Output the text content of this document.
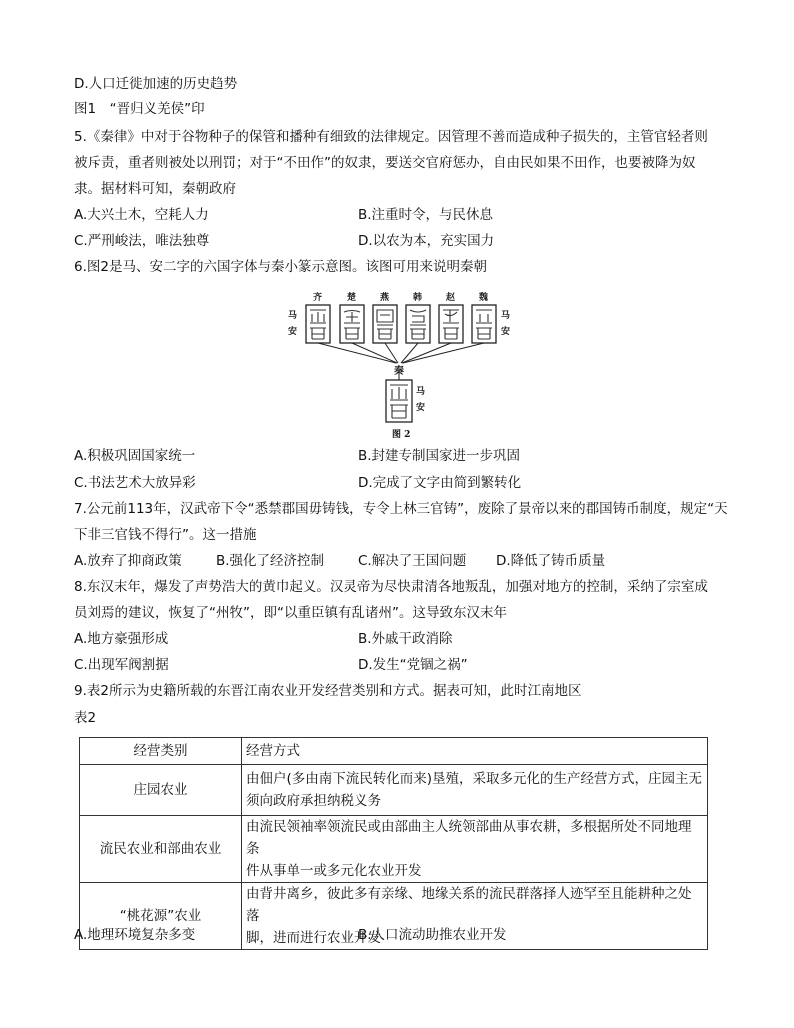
D.人口迁徙加速的历史趋势
图1　“晋归义羌侯”印
5.《秦律》中对于谷物种子的保管和播种有细致的法律规定。因管理不善而造成种子损失的，主管官轻者则
被斥责，重者则被处以刑罚；对于“不田作”的奴隶，要送交官府惩办，自由民如果不田作，也要被降为奴
隶。据材料可知，秦朝政府
A.大兴土木，空耗人力	B.注重时令，与民休息
C.严刑峻法，唯法独尊	D.以农为本，充实国力
6.图2是马、安二字的六国字体与秦小篆示意图。该图可用来说明秦朝
齐	楚	燕	韩	赵	魏
马
安
马
安
秦
马
安
图 2
A.积极巩固国家统一	B.封建专制国家进一步巩固
C.书法艺术大放异彩	D.完成了文字由简到繁转化
7.公元前113年，汉武帝下令“悉禁郡国毋铸钱，专令上林三官铸”，废除了景帝以来的郡国铸币制度，规定“天
下非三官钱不得行”。这一措施
A.放弃了抑商政策	B.强化了经济控制	C.解决了王国问题 D.降低了铸币质量
8.东汉末年，爆发了声势浩大的黄巾起义。汉灵帝为尽快肃清各地叛乱，加强对地方的控制，采纳了宗室成
员刘焉的建议，恢复了“州牧”，即“以重臣镇有乱诸州”。这导致东汉末年
A.地方豪强形成	B.外戚干政消除
C.出现军阀割据	D.发生“党锢之祸”
9.表2所示为史籍所载的东晋江南农业开发经营类别和方式。据表可知，此时江南地区
表2
经营类别	经营方式
庄园农业	由佃户(多由南下流民转化而来)垦殖，采取多元化的生产经营方式，庄园主无
须向政府承担纳税义务

流民农业和部曲农业	由流民领袖率领流民或由部曲主人统领部曲从事农耕，多根据所处不同地理条
件从事单一或多元化农业开发

“桃花源”农业	由背井离乡，彼此多有亲缘、地缘关系的流民群落择人迹罕至且能耕种之处落
脚，进而进行农业开发
A.地理环境复杂多变	B.人口流动助推农业开发
